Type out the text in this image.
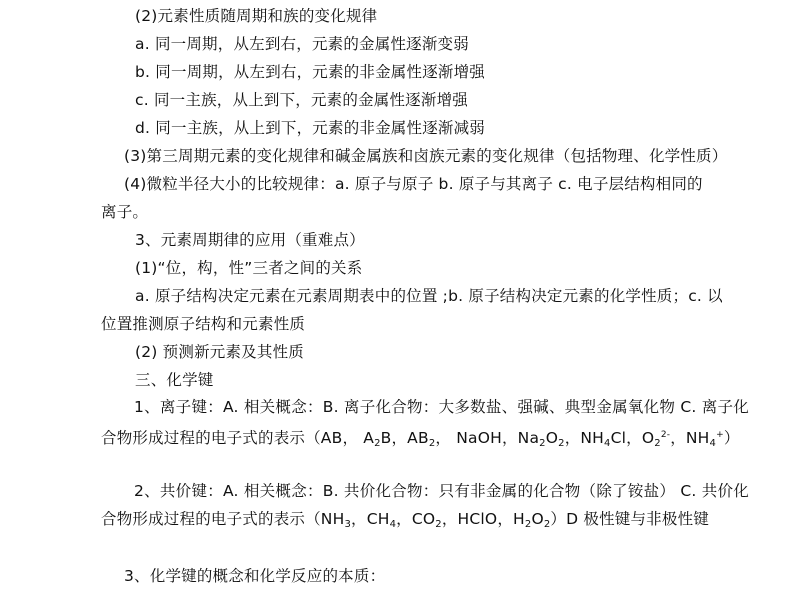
(2)元素性质随周期和族的变化规律
a. 同一周期，从左到右，元素的金属性逐渐变弱
b. 同一周期，从左到右，元素的非金属性逐渐增强
c. 同一主族，从上到下，元素的金属性逐渐增强
d. 同一主族，从上到下，元素的非金属性逐渐减弱
(3)第三周期元素的变化规律和碱金属族和卤族元素的变化规律（包括物理、化学性质）
(4)微粒半径大小的比较规律：a. 原子与原子 b. 原子与其离子 c. 电子层结构相同的
离子。
3、元素周期律的应用（重难点）
(1)“位，构，性”三者之间的关系
a. 原子结构决定元素在元素周期表中的位置 ;b. 原子结构决定元素的化学性质；c. 以
位置推测原子结构和元素性质
(2) 预测新元素及其性质
三、化学键
1、离子键：A. 相关概念：B. 离子化合物：大多数盐、强碱、典型金属氧化物 C. 离子化合物形成过程的电子式的表示（AB， $A_2B$，$AB_2$， NaOH，$Na_2O_2$，$NH_4Cl$，$O_2^{2-}$，$NH_4^+$）
2、共价键：A. 相关概念：B. 共价化合物：只有非金属的化合物（除了铵盐） C. 共价化合物形成过程的电子式的表示（$NH_3$，$CH_4$，$CO_2$，HClO，$H_2O_2)D$ 极性键与非极性键
3、化学键的概念和化学反应的本质：
